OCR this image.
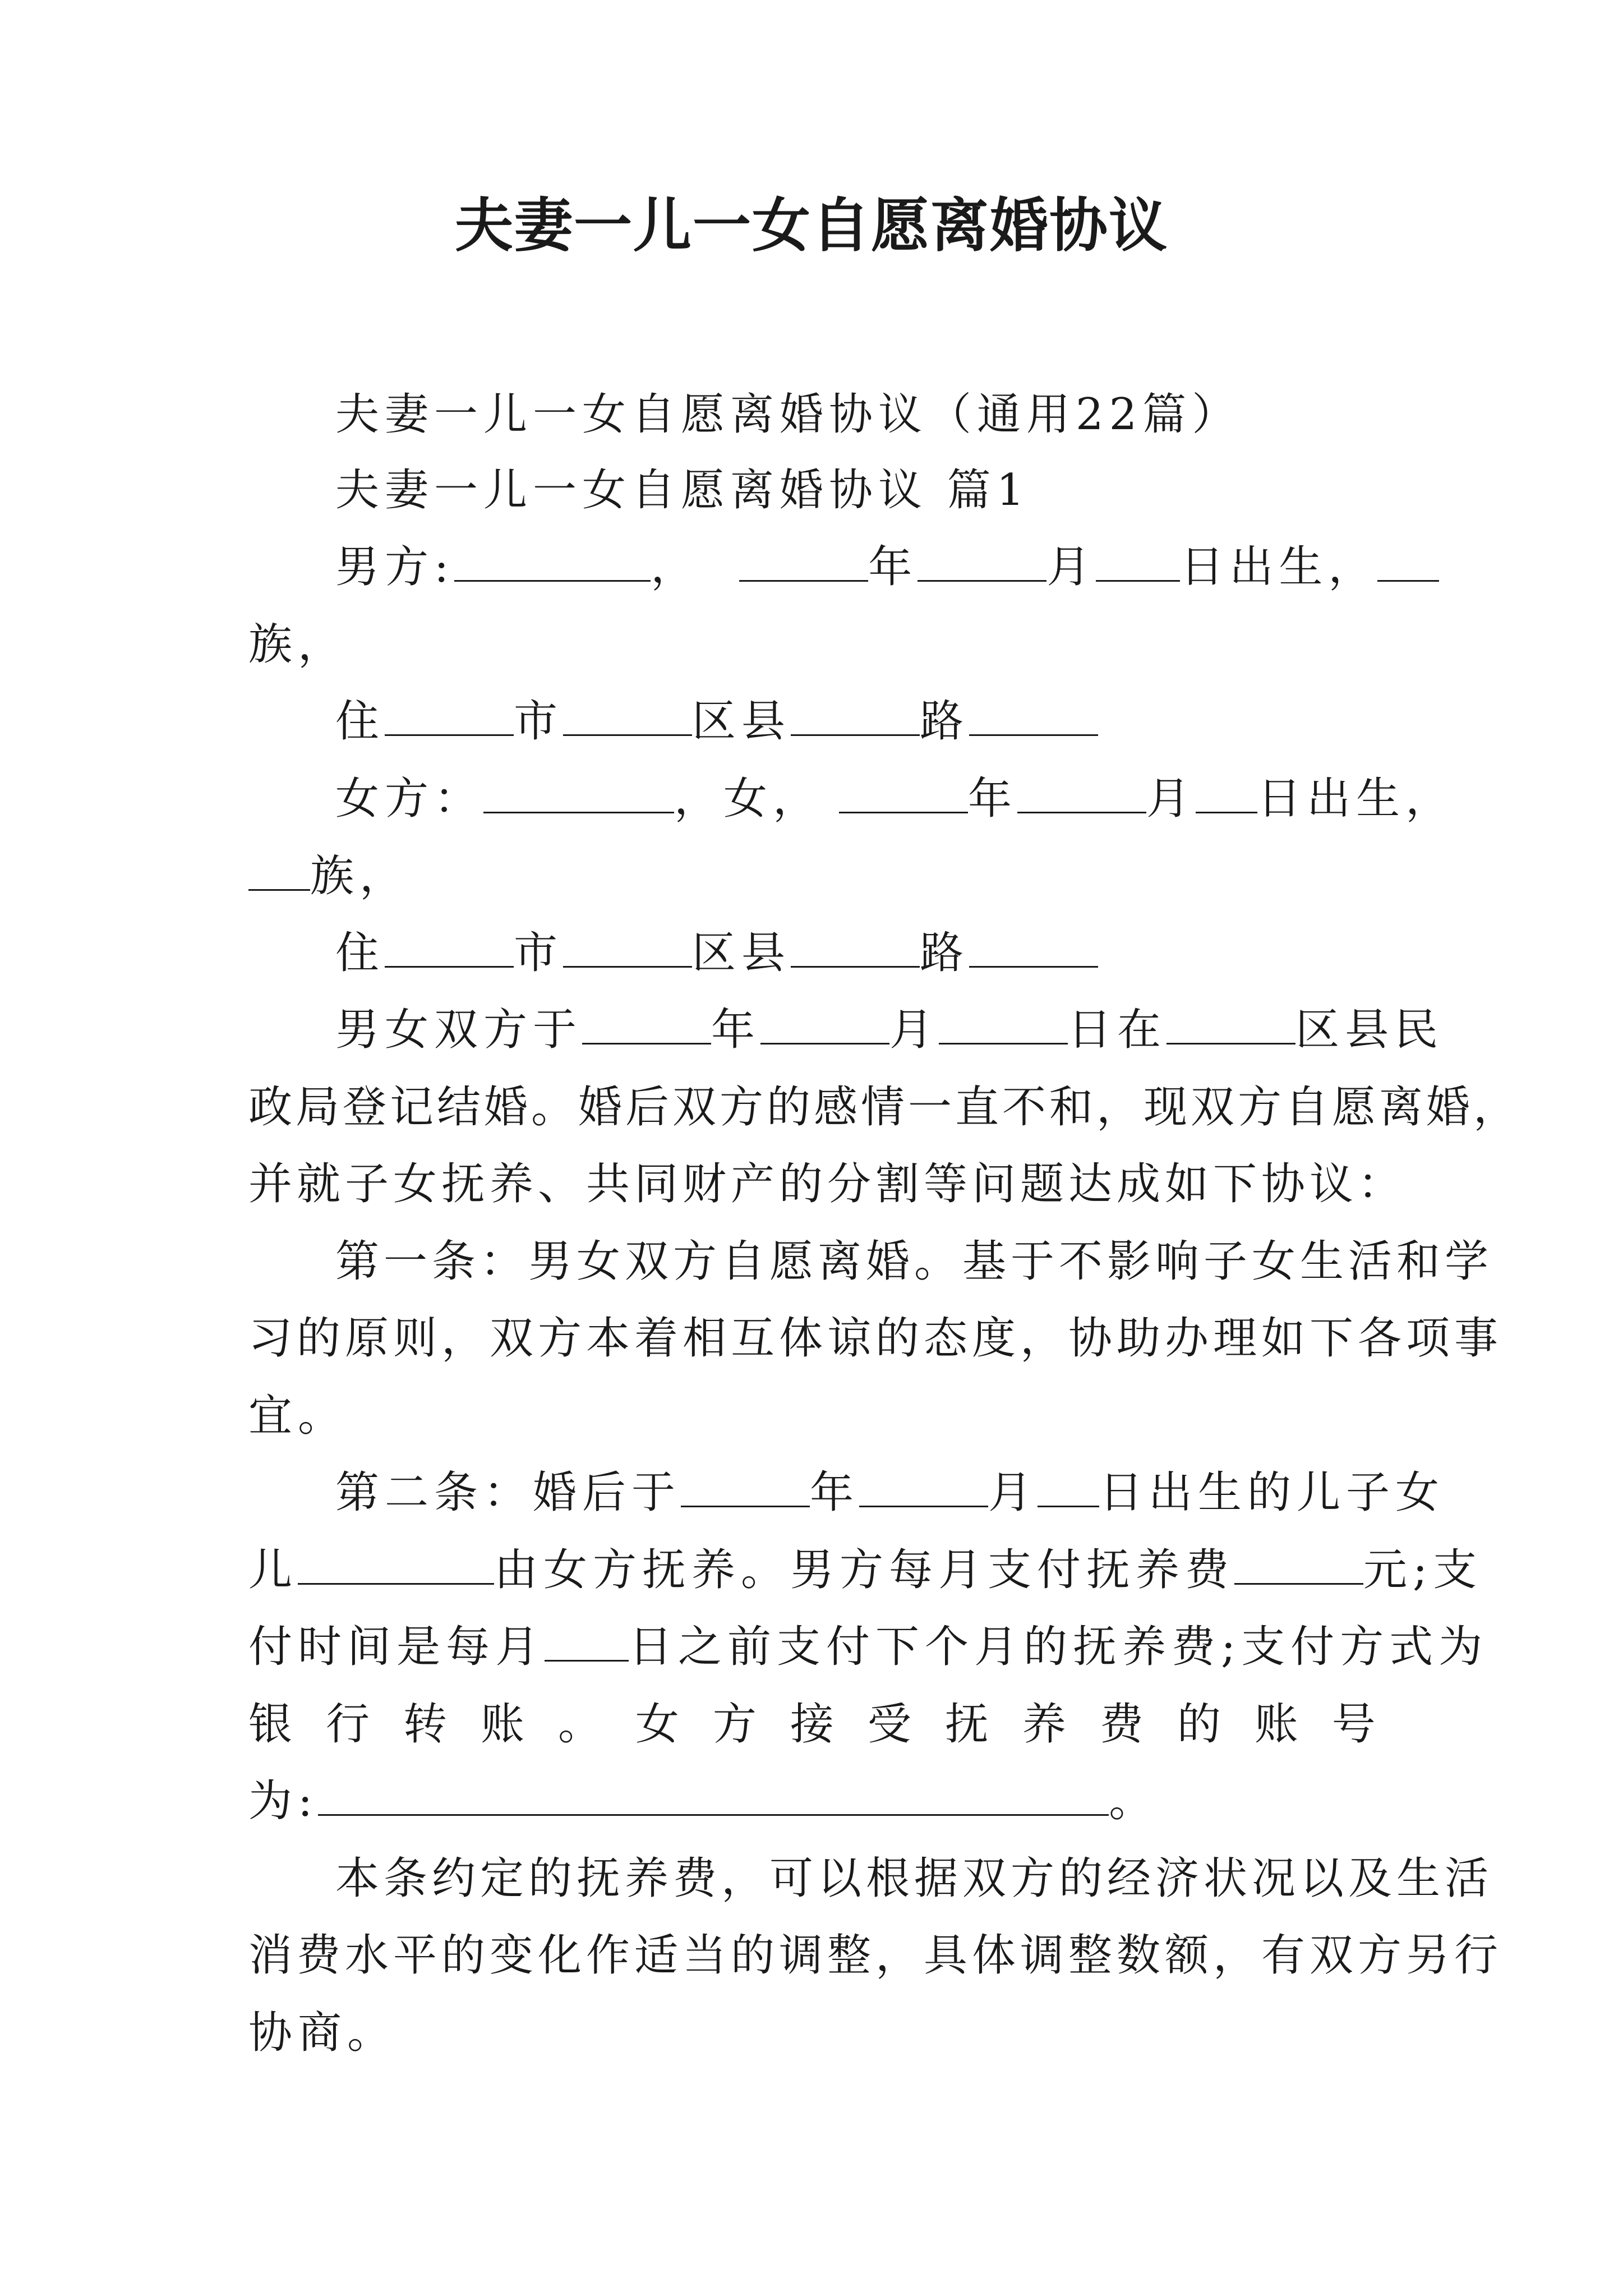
夫妻一儿一女自愿离婚协议
夫妻一儿一女自愿离婚协议（通用22篇）
夫妻一儿一女自愿离婚协议 篇1
男方:	，	年	月 日出生，
族，
住	市	区县	路
女方：	，女，	年	月 日出生，
族，
住	市	区县	路
男女双方于	年	月	日在	区县民
政局登记结婚。婚后双方的感情一直不和，现双方自愿离婚，
并就子女抚养、共同财产的分割等问题达成如下协议：
第一条：男女双方自愿离婚。基于不影响子女生活和学
习的原则，双方本着相互体谅的态度，协助办理如下各项事
宜。
第二条：婚后于	年	月 日出生的儿子女
儿	由女方抚养。男方每月支付抚养费	元;支
付时间是每月 日之前支付下个月的抚养费;支付方式为
银 行 转 账 。 女 方 接 受 抚 养 费 的 账 号
为:	。
本条约定的抚养费，可以根据双方的经济状况以及生活
消费水平的变化作适当的调整，具体调整数额，有双方另行
协商。
